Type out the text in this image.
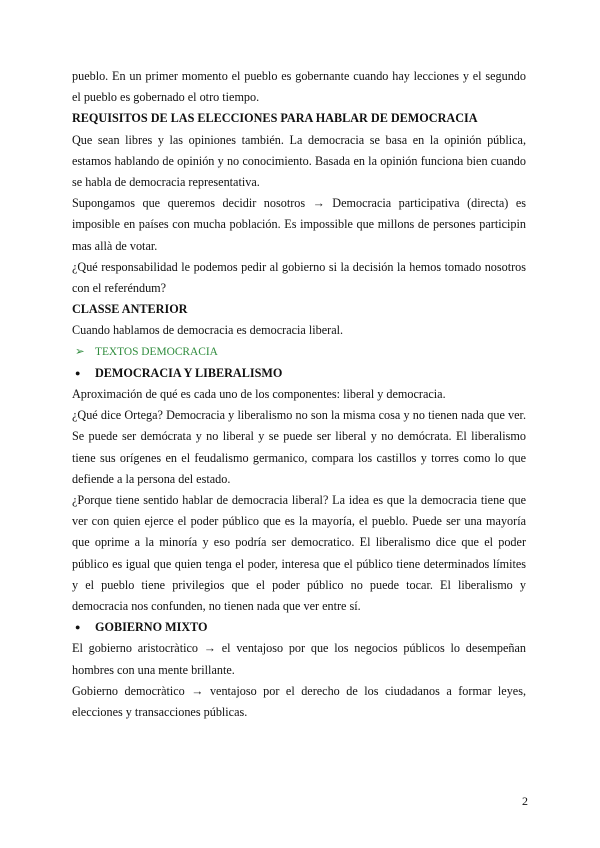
pueblo. En un primer momento el pueblo es gobernante cuando hay lecciones y el segundo el pueblo es gobernado el otro tiempo.

REQUISITOS DE LAS ELECCIONES PARA HABLAR DE DEMOCRACIA

Que sean libres y las opiniones también. La democracia se basa en la opinión pública, estamos hablando de opinión y no conocimiento. Basada en la opinión funciona bien cuando se habla de democracia representativa.

Supongamos que queremos decidir nosotros → Democracia participativa (directa) es imposible en países con mucha población. Es impossible que millons de persones participin mas allà de votar.

¿Qué responsabilidad le podemos pedir al gobierno si la decisión la hemos tomado nosotros con el referéndum?

CLASSE ANTERIOR

Cuando hablamos de democracia es democracia liberal.

➢ TEXTOS DEMOCRACIA

● DEMOCRACIA Y LIBERALISMO

Aproximación de qué es cada uno de los componentes: liberal y democracia.

¿Qué dice Ortega? Democracia y liberalismo no son la misma cosa y no tienen nada que ver. Se puede ser demócrata y no liberal y se puede ser liberal y no demócrata. El liberalismo tiene sus orígenes en el feudalismo germanico, compara los castillos y torres como lo que defiende a la persona del estado.

¿Porque tiene sentido hablar de democracia liberal? La idea es que la democracia tiene que ver con quien ejerce el poder público que es la mayoría, el pueblo. Puede ser una mayoría que oprime a la minoría y eso podría ser democratico. El liberalismo dice que el poder público es igual que quien tenga el poder, interesa que el público tiene determinados límites y el pueblo tiene privilegios que el poder público no puede tocar. El liberalismo y democracia nos confunden, no tienen nada que ver entre sí.

● GOBIERNO MIXTO

El gobierno aristocràtico → el ventajoso por que los negocios públicos lo desempeñan hombres con una mente brillante.

Gobierno democràtico → ventajoso por el derecho de los ciudadanos a formar leyes, elecciones y transacciones públicas.

2
